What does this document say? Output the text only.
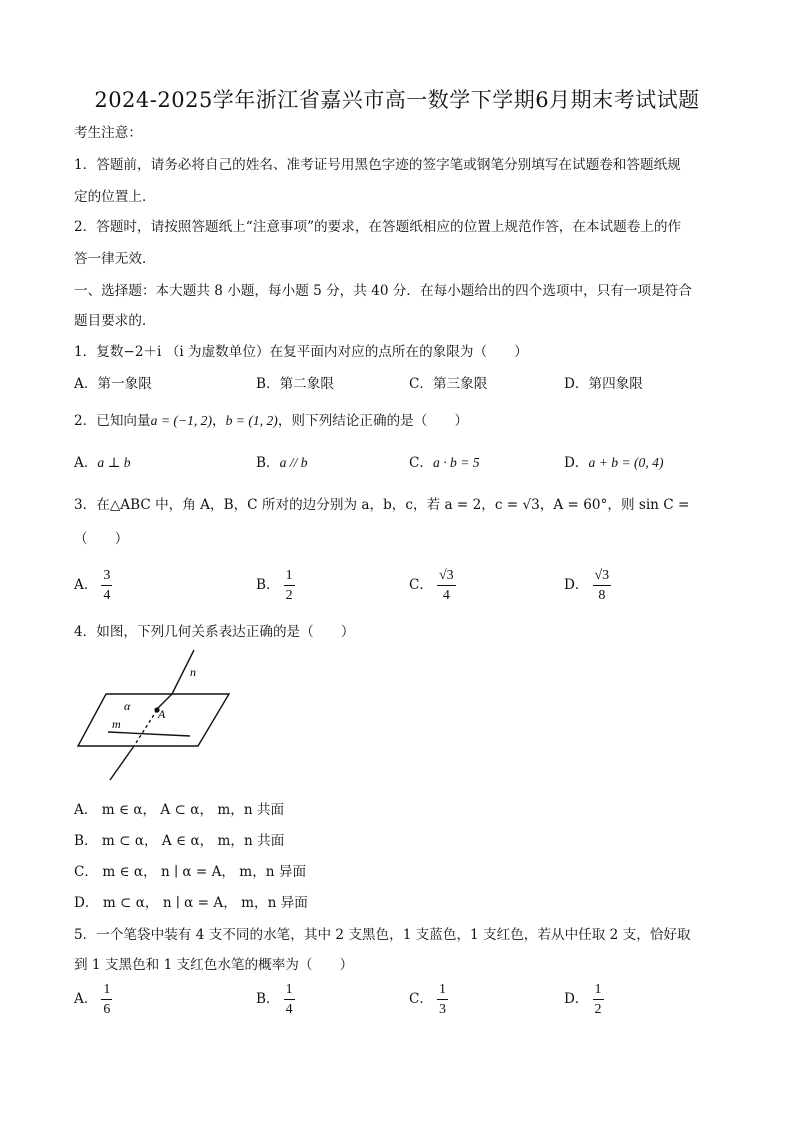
2024-2025学年浙江省嘉兴市高一数学下学期6月期末考试试题
考生注意：
1．答题前，请务必将自己的姓名、准考证号用黑色字迹的签字笔或钢笔分别填写在试题卷和答题纸规
定的位置上．
2．答题时，请按照答题纸上“注意事项”的要求，在答题纸相应的位置上规范作答，在本试题卷上的作
答一律无效．
一、选择题：本大题共 8 小题，每小题 5 分，共 40 分．在每小题给出的四个选项中，只有一项是符合
题目要求的．
1．复数−2＋i （i 为虚数单位）在复平面内对应的点所在的象限为（　　）
A．第一象限	B．第二象限	C．第三象限	D．第四象限
2．已知向量a = (−1, 2)，b = (1, 2)，则下列结论正确的是（　　）
A．a ⊥ b	B．a // b	C．a · b = 5	D．a + b = (0, 4)
3．在△ABC 中，角 A，B，C 所对的边分别为 a，b，c，若 a = 2，c = √3，A = 60°，则 sin C =
（　　）
A． $\frac{3}{4}$	B． $\frac{1}{2}$	C． $\frac{√3}{4}$	D． $\frac{√3}{8}$
4．如图，下列几何关系表达正确的是（　　）
n
α
A
m
A． m ∈ α， A ⊂ α， m，n 共面
B． m ⊂ α， A ∈ α， m，n 共面
C． m ∈ α， n ∣ α = A， m，n 异面
D． m ⊂ α， n ∣ α = A， m，n 异面
5．一个笔袋中装有 4 支不同的水笔，其中 2 支黑色，1 支蓝色，1 支红色，若从中任取 2 支，恰好取
到 1 支黑色和 1 支红色水笔的概率为（　　）
A． $\frac{1}{6}$	B． $\frac{1}{4}$	C． $\frac{1}{3}$	D． $\frac{1}{2}$
